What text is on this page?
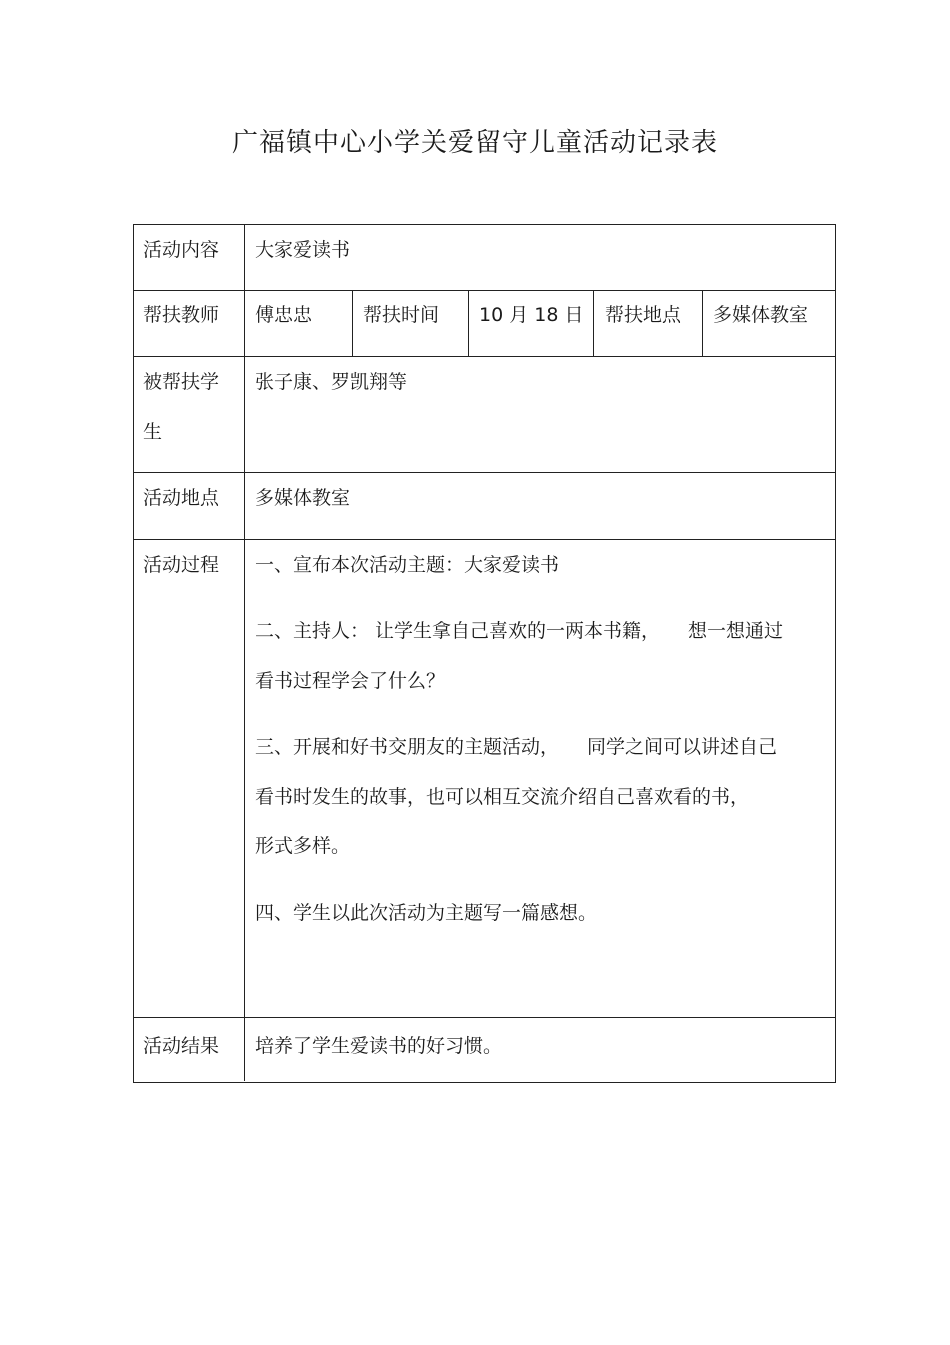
广福镇中心小学关爱留守儿童活动记录表
活动内容 大家爱读书
帮扶教师 傅忠忠	帮扶时间 10 月 18 日 帮扶地点 多媒体教室
被帮扶学
生
张子康、罗凯翔等
活动地点 多媒体教室
活动过程 一、宣布本次活动主题：大家爱读书
二、主持人： 让学生拿自己喜欢的一两本书籍， 想一想通过
看书过程学会了什么？
三、开展和好书交朋友的主题活动， 同学之间可以讲述自己
看书时发生的故事，也可以相互交流介绍自己喜欢看的书，
形式多样。
四、学生以此次活动为主题写一篇感想。
活动结果 培养了学生爱读书的好习惯。
